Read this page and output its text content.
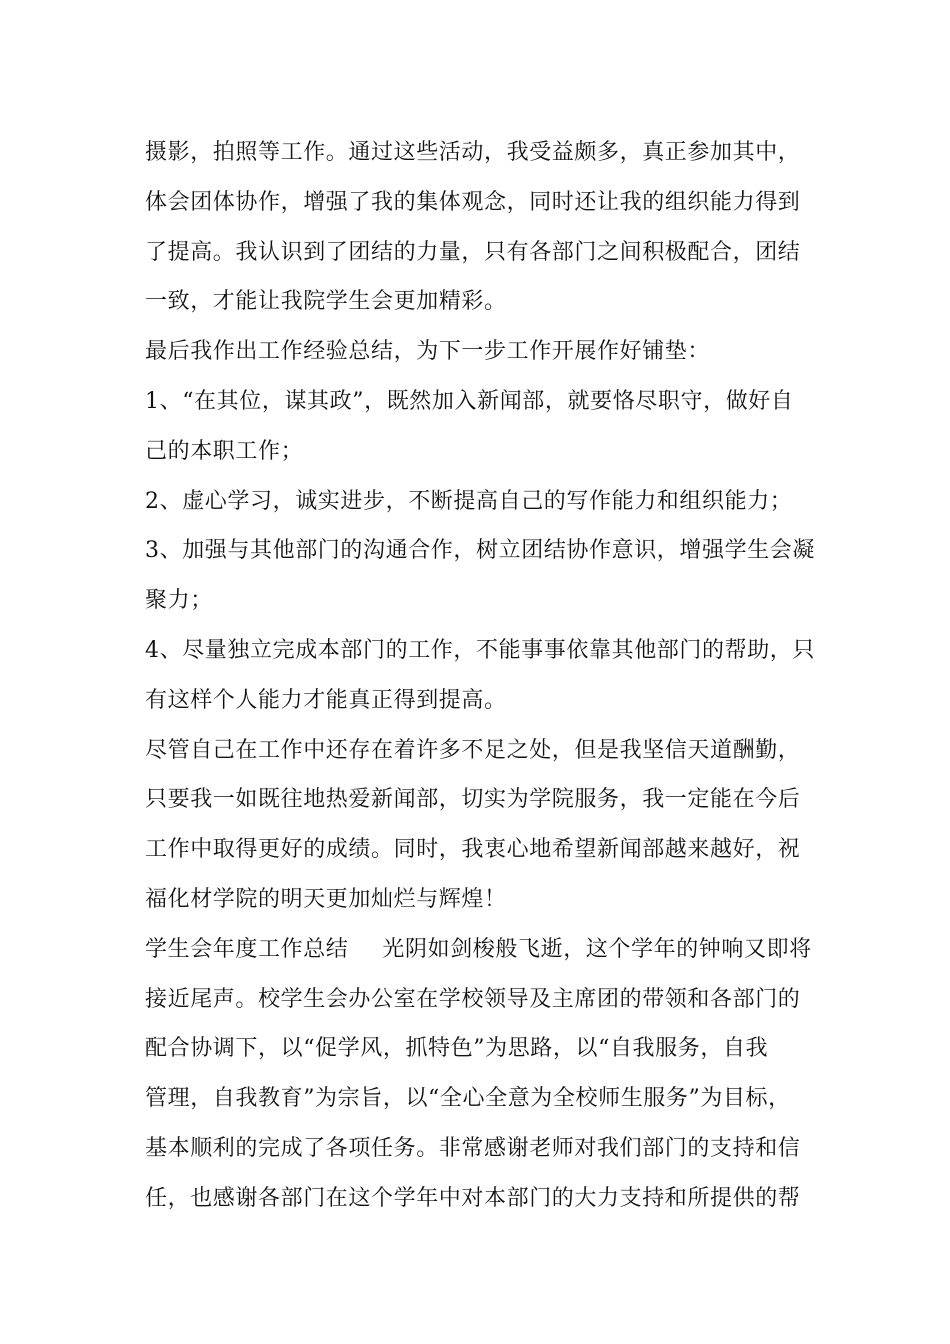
摄影，拍照等工作。通过这些活动，我受益颇多，真正参加其中，
体会团体协作，增强了我的集体观念，同时还让我的组织能力得到
了提高。我认识到了团结的力量，只有各部门之间积极配合，团结
一致，才能让我院学生会更加精彩。
最后我作出工作经验总结，为下一步工作开展作好铺垫：
1、“在其位，谋其政”，既然加入新闻部，就要恪尽职守，做好自
己的本职工作；
2、虚心学习，诚实进步，不断提高自己的写作能力和组织能力；
3、加强与其他部门的沟通合作，树立团结协作意识，增强学生会凝
聚力；
4、尽量独立完成本部门的工作，不能事事依靠其他部门的帮助，只
有这样个人能力才能真正得到提高。
尽管自己在工作中还存在着许多不足之处，但是我坚信天道酬勤，
只要我一如既往地热爱新闻部，切实为学院服务，我一定能在今后
工作中取得更好的成绩。同时，我衷心地希望新闻部越来越好，祝
福化材学院的明天更加灿烂与辉煌！
学生会年度工作总结 光阴如剑梭般飞逝，这个学年的钟响又即将
接近尾声。校学生会办公室在学校领导及主席团的带领和各部门的
配合协调下，以“促学风，抓特色”为思路，以“自我服务，自我
管理，自我教育”为宗旨，以“全心全意为全校师生服务”为目标，
基本顺利的完成了各项任务。非常感谢老师对我们部门的支持和信
任，也感谢各部门在这个学年中对本部门的大力支持和所提供的帮
